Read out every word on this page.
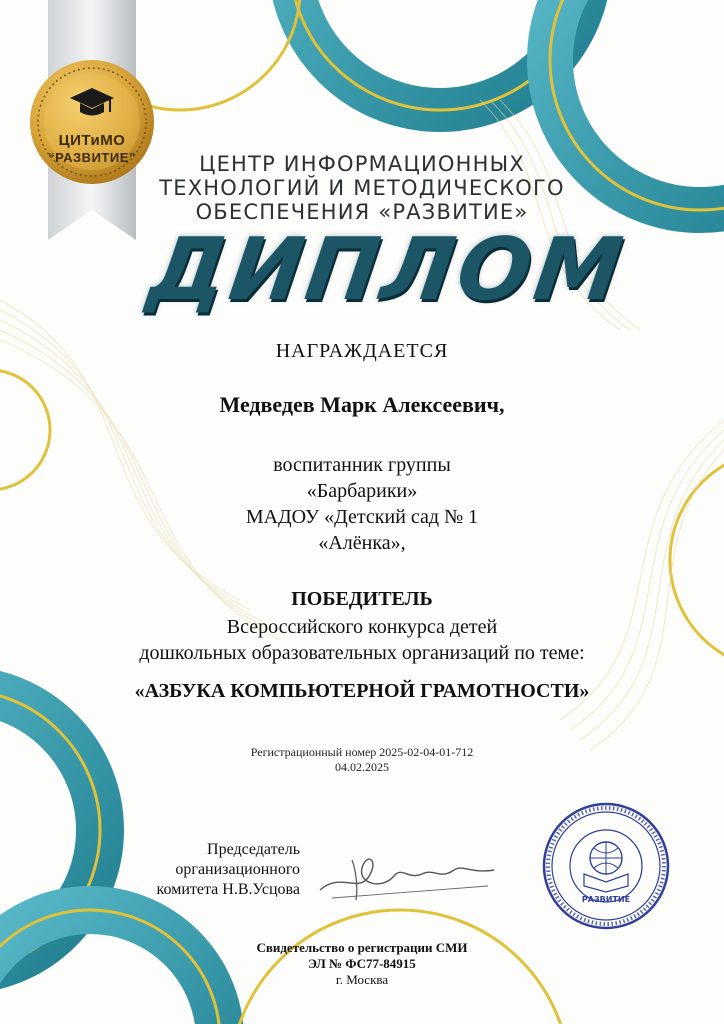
ЦИТиМО
“РАЗВИТИЕ”	ЦЕНТР ИНФОРМАЦИОННЫХ
ТЕХНОЛОГИЙ И МЕТОДИЧЕСКОГО
ОБЕСПЕЧЕНИЯ «РАЗВИТИЕ»
ДИПЛОМ
НАГРАЖДАЕТСЯ
Медведев Марк Алексеевич,
воспитанник группы
«Барбарики»
МАДОУ «Детский сад № 1
«Алёнка»,
ПОБЕДИТЕЛЬ
Всероссийского конкурса детей
дошкольных образовательных организаций по теме:
«АЗБУКА КОМПЬЮТЕРНОЙ ГРАМОТНОСТИ»
Регистрационный номер 2025-02-04-01-712
04.02.2025
Председатель
организационного
комитета Н.В.Усцова
РАЗВИТИЕ
Свидетельство о регистрации СМИ
ЭЛ № ФС77-84915
г. Москва
